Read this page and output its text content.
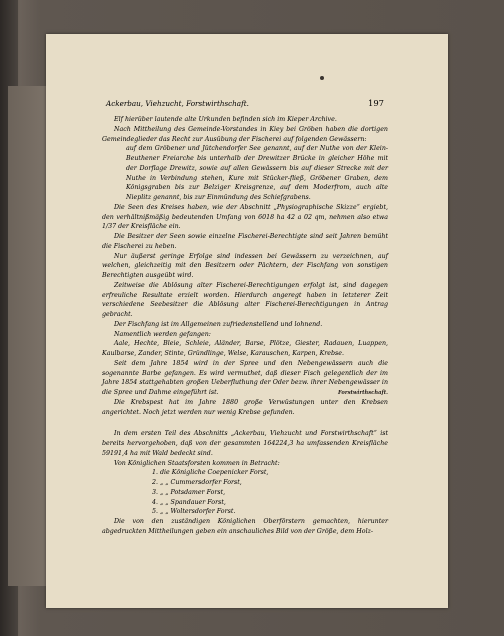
Ackerbau, Viehzucht, Forstwirthschaft.	197

Elf hierüber lautende alte Urkunden befinden sich im Kieper Archive.

Nach Mittheilung des Gemeinde-Vorstandes in Kiey bei Gröben haben die dortigen Gemeindeglieder das Recht zur Ausübung der Fischerei auf folgenden Gewässern:

auf dem Gröbener und Jütchendorfer See genannt, auf der Nuthe von der Klein-Beuthener Freiarche bis unterhalb der Drewitzer Brücke in gleicher Höhe mit der Dorflage Drewitz, sowie auf allen Gewässern bis auf dieser Strecke mit der Nuthe in Verbindung stehen, Kure mit Stücker-fließ, Gröbener Graben, dem Königsgraben bis zur Belziger Kreisgrenze, auf dem Moderfrom, auch alte Nieplitz genannt, bis zur Einmündung des Schiefgrabens.

Die Seen des Kreises haben, wie der Abschnitt „Physiographische Skizze“ ergiebt, den verhältnißmäßig bedeutenden Umfang von 6018 ha 42 a 02 qm, nehmen also etwa 1/37 der Kreisfläche ein.

Die Besitzer der Seen sowie einzelne Fischerei-Berechtigte sind seit Jahren bemüht die Fischerei zu heben.

Nur äußerst geringe Erfolge sind indessen bei Gewässern zu verzeichnen, auf welchen, gleichzeitig mit den Besitzern oder Pächtern, der Fischfang von sonstigen Berechtigten ausgeübt wird.

Zeitweise die Ablösung alter Fischerei-Berechtigungen erfolgt ist, sind dagegen erfreuliche Resultate erzielt worden. Hierdurch angeregt haben in letzterer Zeit verschiedene Seebesitzer die Ablösung alter Fischerei-Berechtigungen in Antrag gebracht.

Der Fischfang ist im Allgemeinen zufriedenstellend und lohnend.

Namentlich werden gefangen:

Aale, Hechte, Bleie, Schleie, Aländer, Barse, Plötze, Giester, Radauen, Luappen, Kaulbarse, Zander, Stinte, Gründlinge, Welse, Karauschen, Karpen, Krebse.

Seit dem Jahre 1854 wird in der Spree und den Nebengewässern auch die sogenannte Barbe gefangen. Es wird vermuthet, daß dieser Fisch gelegentlich der im Jahre 1854 stattgehabten großen Ueberfluthung der Oder bezw. ihrer Nebengewässer in die Spree und Dahme eingeführt ist.

Die Krebspest hat im Jahre 1880 große Verwüstungen unter den Krebsen angerichtet. Noch jetzt werden nur wenig Krebse gefunden.

In dem ersten Teil des Abschnitts „Ackerbau, Viehzucht und Forstwirthschaft“ ist bereits hervorgehoben, daß von der gesammten 164224,3 ha umfassenden Kreisfläche 59191,4 ha mit Wald bedeckt sind.

Von Königlichen Staatsforsten kommen in Betracht:

1. die Königliche Coepenicker Forst,

2. „ „ Cummersdorfer Forst,

3. „ „ Potsdamer Forst,

4. „ „ Spandauer Forst,

5. „ „ Woltersdorfer Forst.

Die von den zuständigen Königlichen Oberförstern gemachten, hierunter abgedruckten Mittheilungen geben ein anschauliches Bild von der Größe, dem Holz-

Forstwirthschaft.
